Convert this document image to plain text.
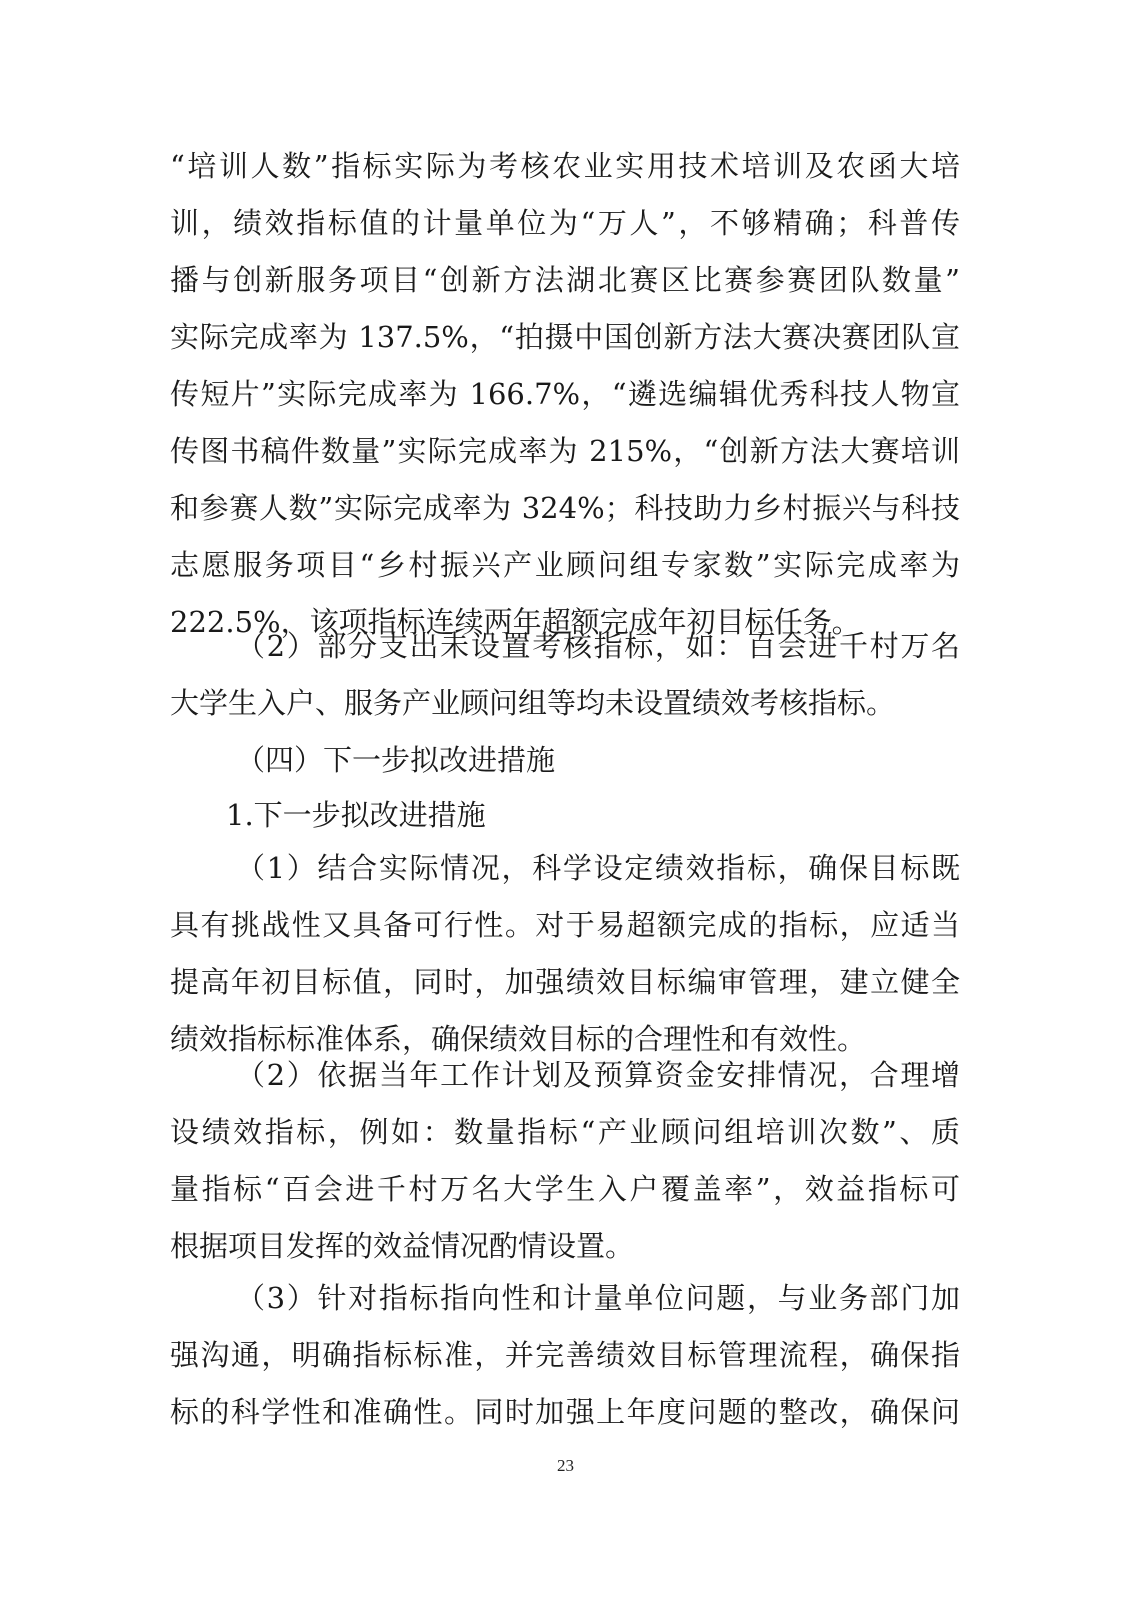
“培训人数”指标实际为考核农业实用技术培训及农函大培
训，绩效指标值的计量单位为“万人”，不够精确；科普传
播与创新服务项目“创新方法湖北赛区比赛参赛团队数量”
实际完成率为 137.5%，“拍摄中国创新方法大赛决赛团队宣
传短片”实际完成率为 166.7%，“遴选编辑优秀科技人物宣
传图书稿件数量”实际完成率为 215%，“创新方法大赛培训
和参赛人数”实际完成率为 324%；科技助力乡村振兴与科技
志愿服务项目“乡村振兴产业顾问组专家数”实际完成率为
222.5%，该项指标连续两年超额完成年初目标任务。
（2）部分支出未设置考核指标，如：百会进千村万名
大学生入户、服务产业顾问组等均未设置绩效考核指标。
（四）下一步拟改进措施
1.下一步拟改进措施
（1）结合实际情况，科学设定绩效指标，确保目标既
具有挑战性又具备可行性。对于易超额完成的指标，应适当
提高年初目标值，同时，加强绩效目标编审管理，建立健全
绩效指标标准体系，确保绩效目标的合理性和有效性。
（2）依据当年工作计划及预算资金安排情况，合理增
设绩效指标，例如：数量指标“产业顾问组培训次数”、质
量指标“百会进千村万名大学生入户覆盖率”，效益指标可
根据项目发挥的效益情况酌情设置。
（3）针对指标指向性和计量单位问题，与业务部门加
强沟通，明确指标标准，并完善绩效目标管理流程，确保指
标的科学性和准确性。同时加强上年度问题的整改，确保问
23
